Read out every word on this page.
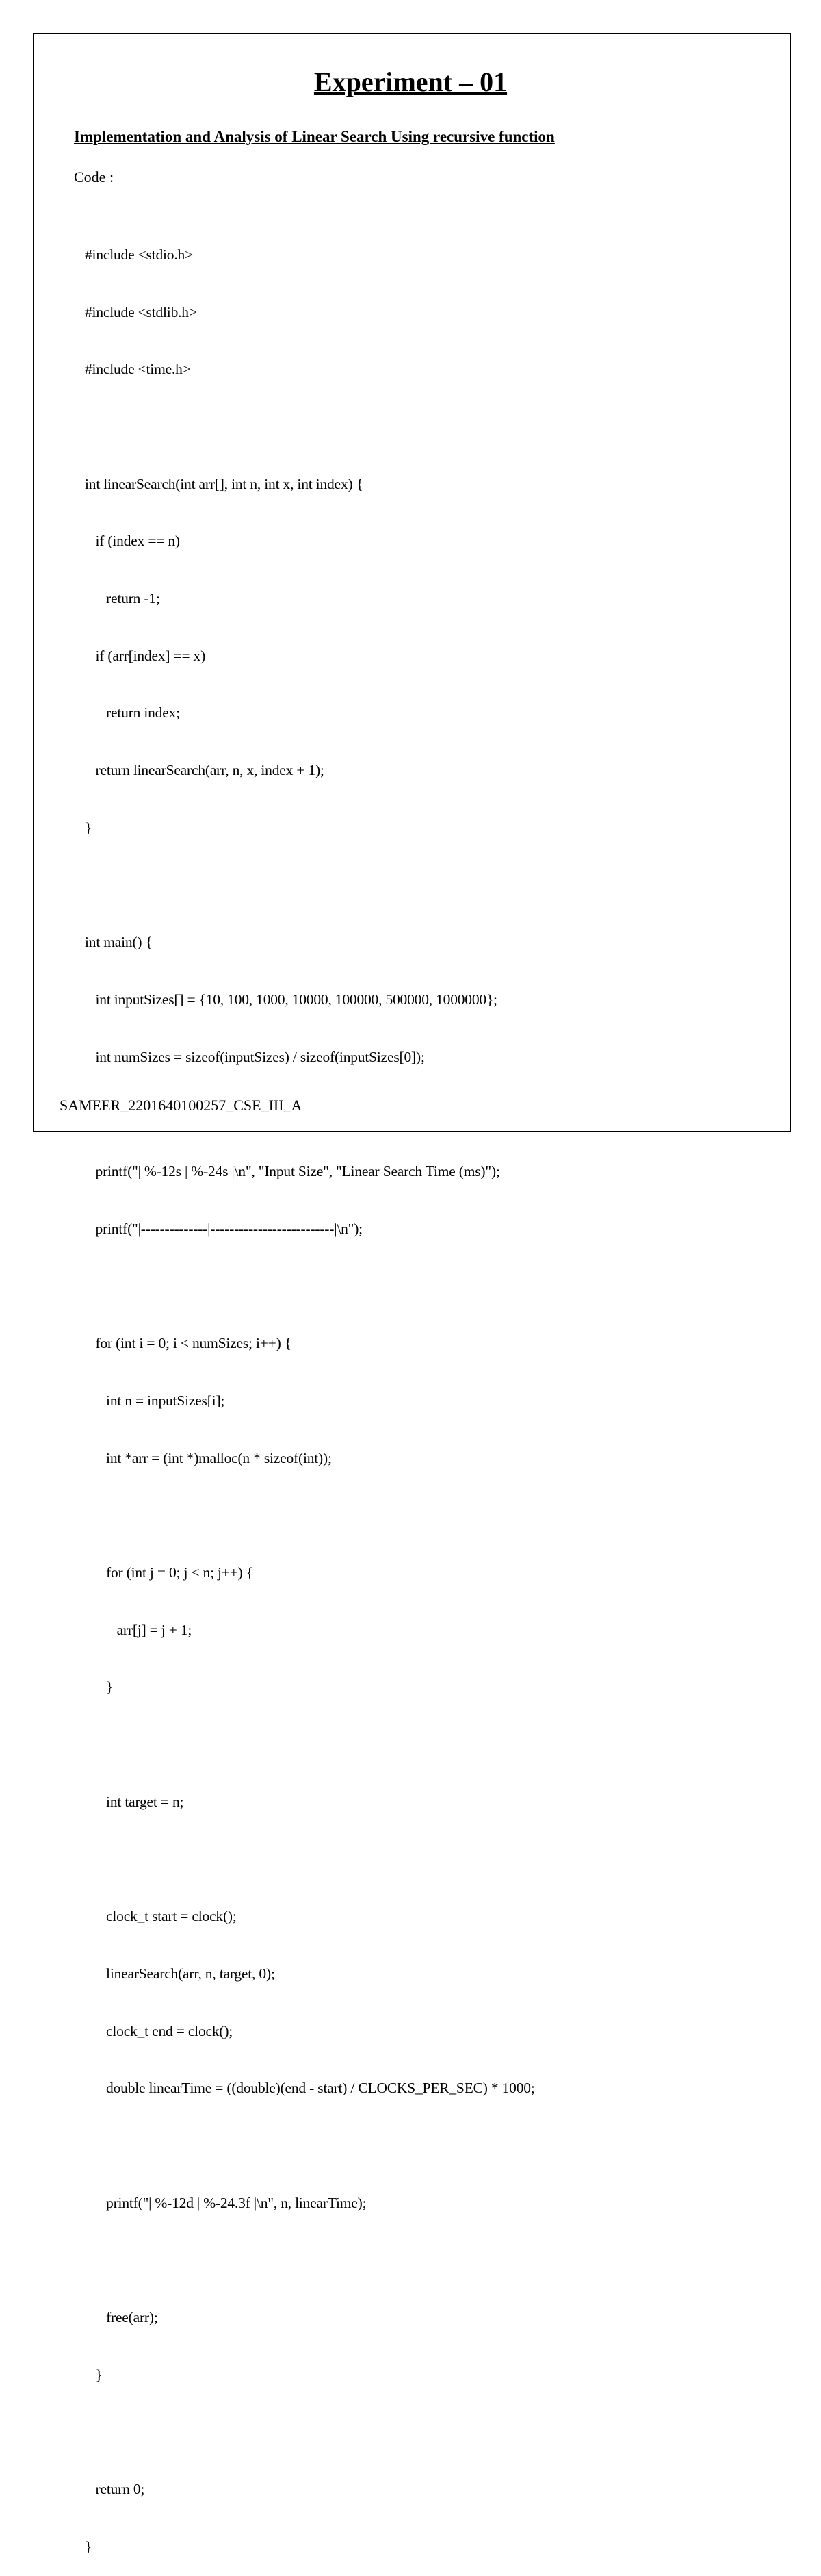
Experiment – 01
Implementation and Analysis of Linear Search Using recursive function
Code :

#include <stdio.h>

#include <stdlib.h>

#include <time.h>

int linearSearch(int arr[], int n, int x, int index) {

if (index == n)

return -1;

if (arr[index] == x)

return index;

return linearSearch(arr, n, x, index + 1);

}

int main() {

int inputSizes[] = {10, 100, 1000, 10000, 100000, 500000, 1000000};

int numSizes = sizeof(inputSizes) / sizeof(inputSizes[0]);

printf("| %-12s | %-24s |\n", "Input Size", "Linear Search Time (ms)");

printf("|--------------|--------------------------|\n");

for (int i = 0; i < numSizes; i++) {

int n = inputSizes[i];

int *arr = (int *)malloc(n * sizeof(int));

for (int j = 0; j < n; j++) {

arr[j] = j + 1;

}

int target = n;

clock_t start = clock();

linearSearch(arr, n, target, 0);

clock_t end = clock();

double linearTime = ((double)(end - start) / CLOCKS_PER_SEC) * 1000;

printf("| %-12d | %-24.3f |\n", n, linearTime);

free(arr);

}

return 0;

}

SAMEER_2201640100257_CSE_III_A
